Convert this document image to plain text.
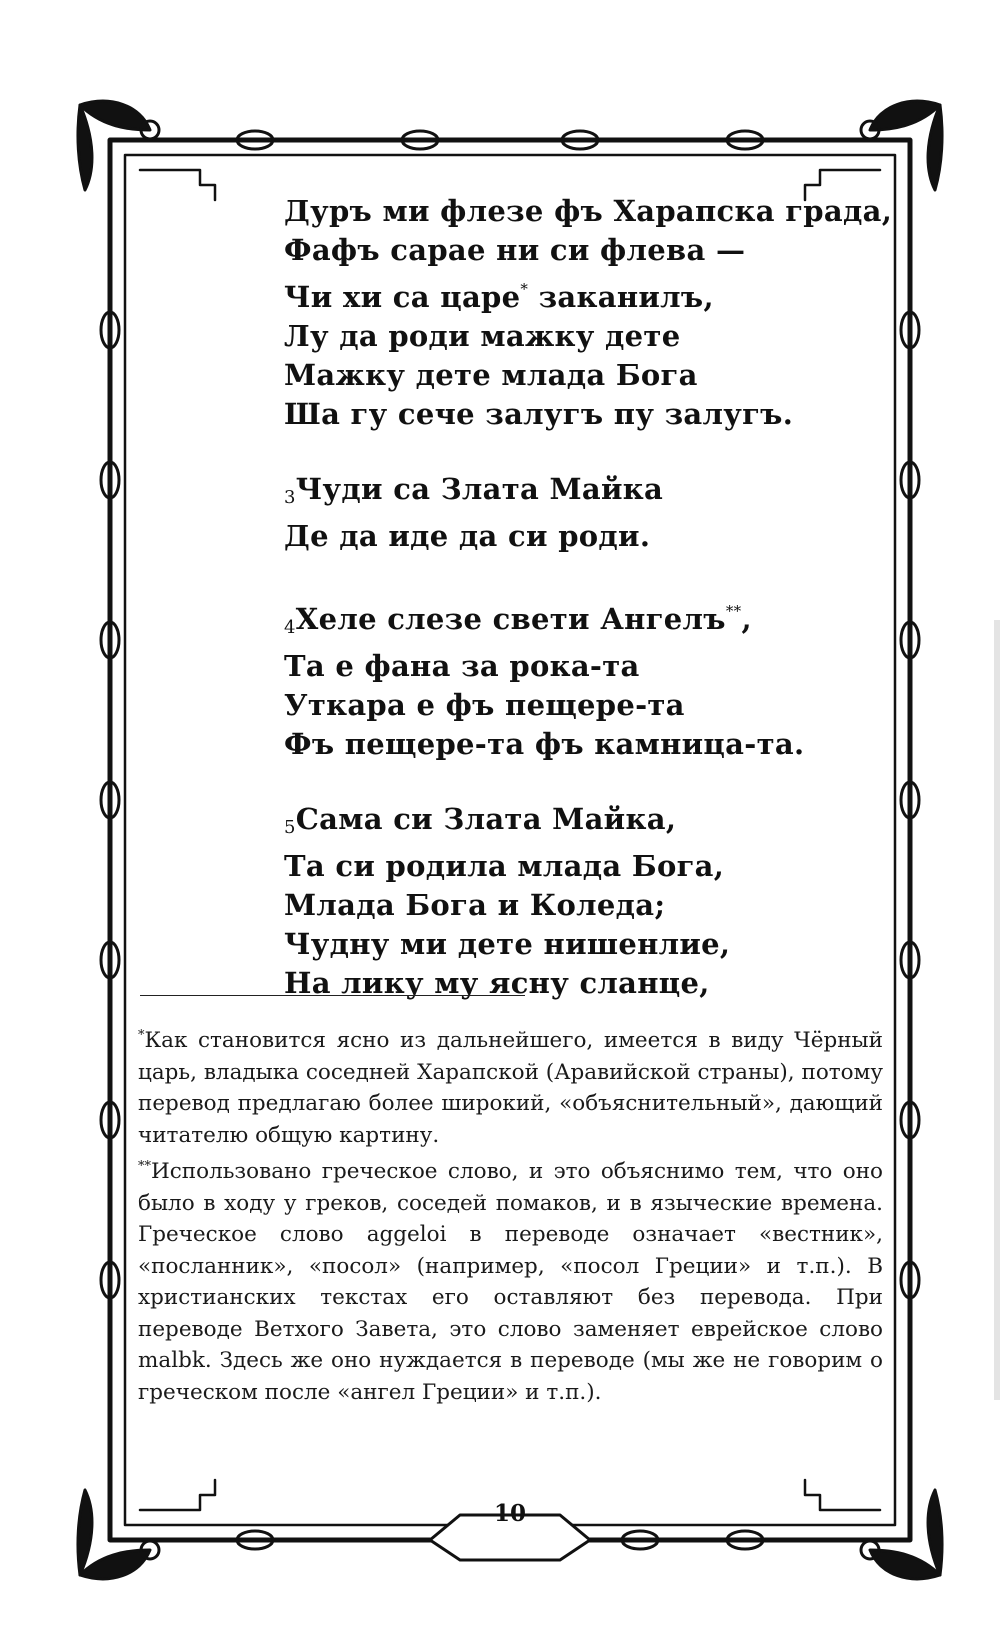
Дуръ ми флезе фъ Харапска града,
Фафъ сарае ни си флева —
Чи хи са царе* заканилъ,
Лу да роди мажку дете
Мажку дете млада Бога
Ша гу сече залугъ пу залугъ.
3Чуди са Злата Майка
Де да иде да си роди.
4Хеле слезе свети Ангелъ**,
Та е фана за рока-та
Уткара е фъ пещере-та
Фъ пещере-та фъ камница-та.
5Сама си Злата Майка,
Та си родила млада Бога,
Млада Бога и Коледа;
Чудну ми дете нишенлие,
На лику му ясну сланце,

*Как становится ясно из дальнейшего, имеется в виду Чёрный царь, владыка соседней Харапской (Аравийской страны), потому перевод предлагаю более широкий, «объяснительный», дающий читателю общую картину.

**Использовано греческое слово, и это объяснимо тем, что оно было в ходу у греков, соседей помаков, и в языческие времена. Греческое слово aggeloi в переводе означает «вестник», «посланник», «посол» (например, «посол Греции» и т.п.). В христианских текстах его оставляют без перевода. При переводе Ветхого Завета, это слово заменяет еврейское слово malbk. Здесь же оно нуждается в переводе (мы же не говорим о греческом после «ангел Греции» и т.п.).

10
